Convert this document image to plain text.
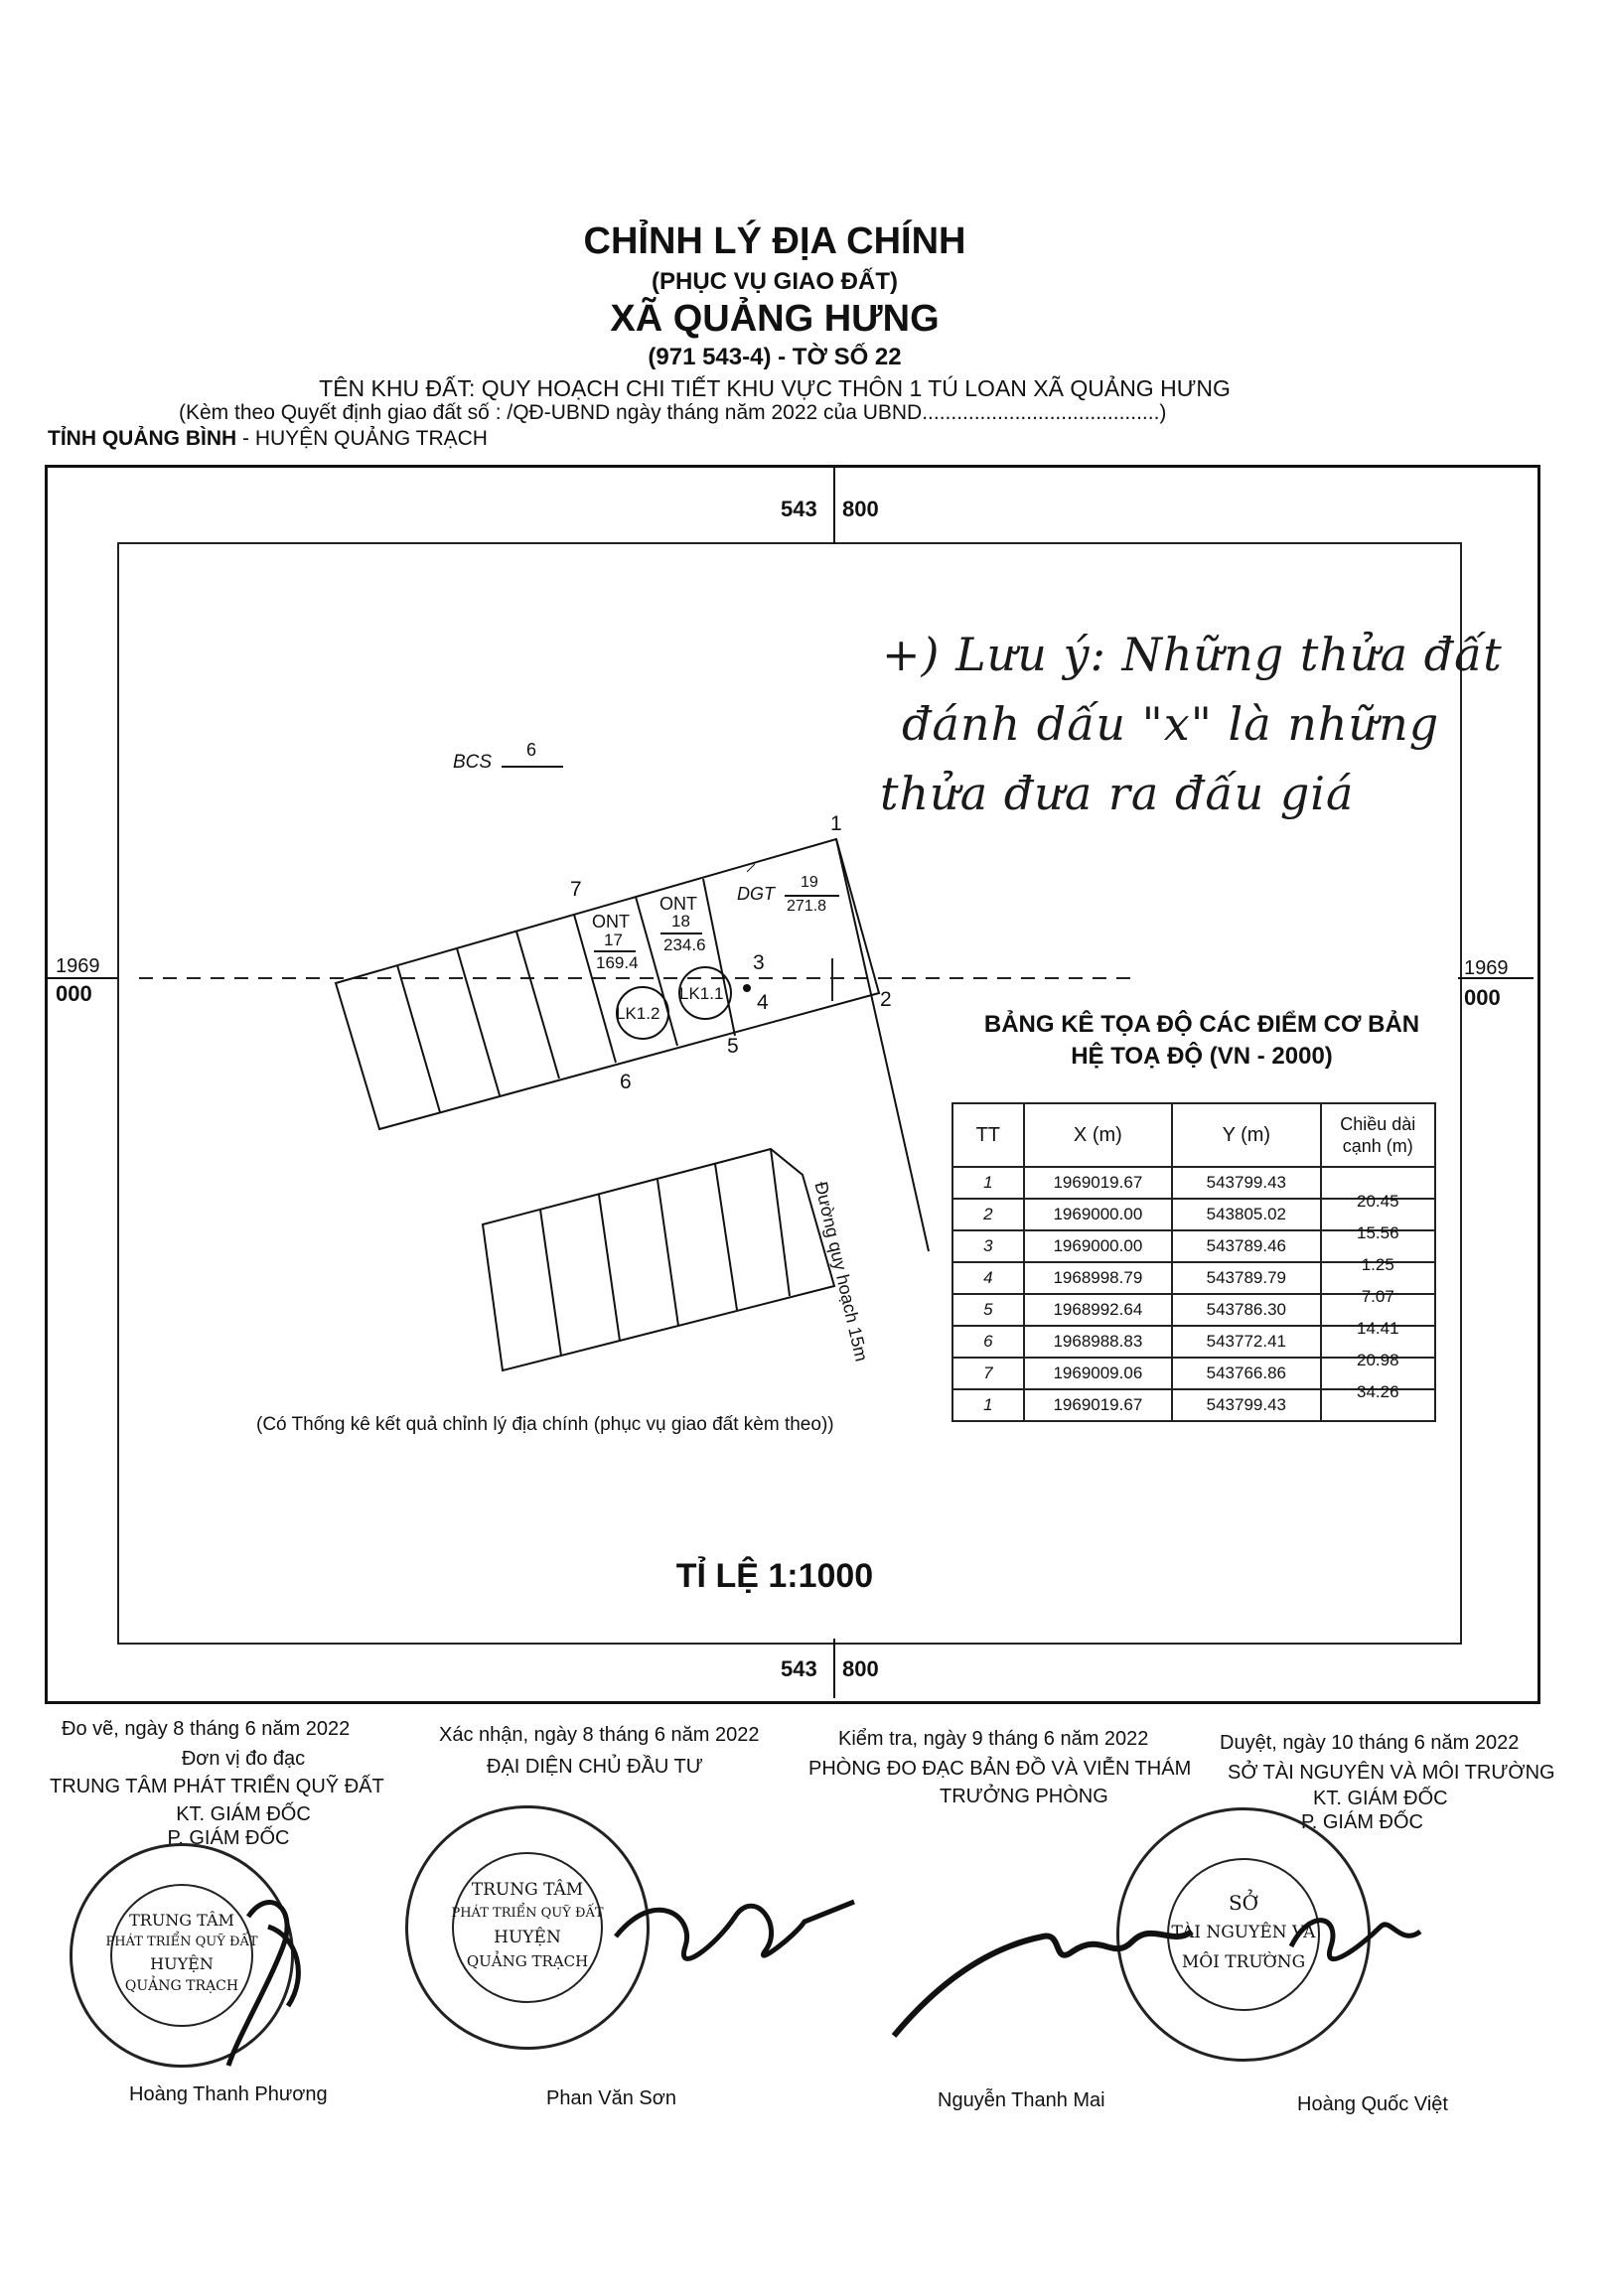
CHỈNH LÝ ĐỊA CHÍNH
(PHỤC VỤ GIAO ĐẤT)
XÃ QUẢNG HƯNG
(971 543-4) - TỜ SỐ 22
TÊN KHU ĐẤT: QUY HOẠCH CHI TIẾT KHU VỰC THÔN 1 TÚ LOAN XÃ QUẢNG HƯNG
(Kèm theo Quyết định giao đất số : /QĐ-UBND ngày tháng năm 2022 của UBND.........................................)
TỈNH QUẢNG BÌNH - HUYỆN QUẢNG TRẠCH
543 800
543 800
1969
000
1969
000
BCS
6
ONT
17
169.4
ONT
18
234.6
DGT
19
271.8
LK1.2
LK1.1
Đường quy hoạch 15m
1
2
3
4
5
6
7
+) Lưu ý: Những thửa đất
đánh dấu "x" là những
thửa đưa ra đấu giá
BẢNG KÊ TỌA ĐỘ CÁC ĐIỂM CƠ BẢN
HỆ TOẠ ĐỘ (VN - 2000)
TT	X (m)	Y (m)	Chiều dài cạnh (m)
1	1969019.67	543799.43	20.45
2	1969000.00	543805.02	15.56
3	1969000.00	543789.46	1.25
4	1968998.79	543789.79	7.07
5	1968992.64	543786.30	14.41
6	1968988.83	543772.41	20.98
7	1969009.06	543766.86	34.26
1	1969019.67	543799.43	
(Có Thống kê kết quả chỉnh lý địa chính (phục vụ giao đất kèm theo))
TỈ LỆ 1:1000
Đo vẽ, ngày 8 tháng 6 năm 2022
Đơn vị đo đạc
TRUNG TÂM PHÁT TRIỂN QUỸ ĐẤT
KT. GIÁM ĐỐC
P. GIÁM ĐỐC
Hoàng Thanh Phương
Xác nhận, ngày 8 tháng 6 năm 2022
ĐẠI DIỆN CHỦ ĐẦU TƯ
Phan Văn Sơn
Kiểm tra, ngày 9 tháng 6 năm 2022
PHÒNG ĐO ĐẠC BẢN ĐỒ VÀ VIỄN THÁM
TRƯỞNG PHÒNG
Nguyễn Thanh Mai
Duyệt, ngày 10 tháng 6 năm 2022
SỞ TÀI NGUYÊN VÀ MÔI TRƯỜNG
KT. GIÁM ĐỐC
P. GIÁM ĐỐC
Hoàng Quốc Việt
TRUNG TÂM
PHÁT TRIỂN QUỸ ĐẤT
HUYỆN
QUẢNG TRẠCH
TRUNG TÂM
PHÁT TRIỂN QUỸ ĐẤT
HUYỆN
QUẢNG TRẠCH
SỞ
TÀI NGUYÊN VÀ
MÔI TRƯỜNG
